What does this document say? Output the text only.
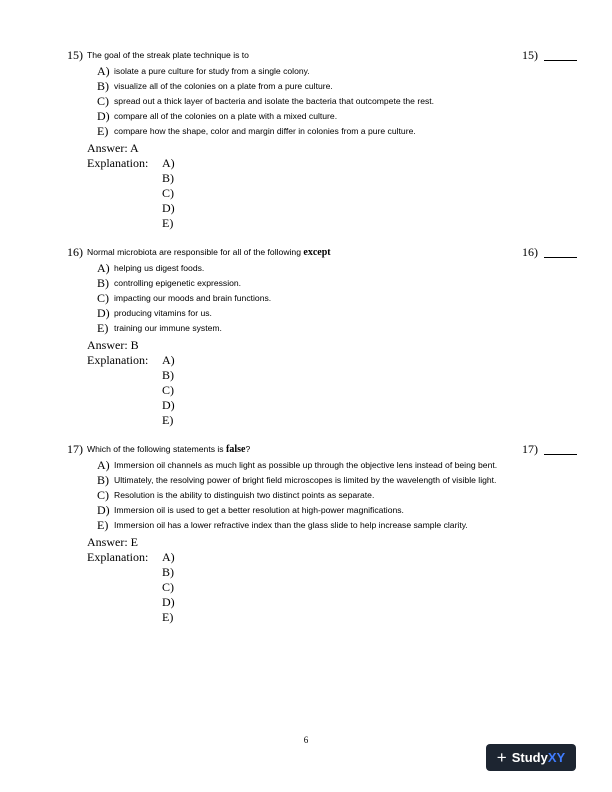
15) The goal of the streak plate technique is to	15)
A) isolate a pure culture for study from a single colony.
B) visualize all of the colonies on a plate from a pure culture.
C) spread out a thick layer of bacteria and isolate the bacteria that outcompete the rest.
D) compare all of the colonies on a plate with a mixed culture.
E) compare how the shape, color and margin differ in colonies from a pure culture.
Answer: A
Explanation: A)
B)
C)
D)
E)
16) Normal microbiota are responsible for all of the following except	16)
A) helping us digest foods.
B) controlling epigenetic expression.
C) impacting our moods and brain functions.
D) producing vitamins for us.
E) training our immune system.
Answer: B
Explanation: A)
B)
C)
D)
E)
17) Which of the following statements is false?	17)
A) Immersion oil channels as much light as possible up through the objective lens instead of being bent.
B) Ultimately, the resolving power of bright field microscopes is limited by the wavelength of visible light.
C) Resolution is the ability to distinguish two distinct points as separate.
D) Immersion oil is used to get a better resolution at high-power magnifications.
E) Immersion oil has a lower refractive index than the glass slide to help increase sample clarity.
Answer: E
Explanation: A)
B)
C)
D)
E)
6
+ Study XY
